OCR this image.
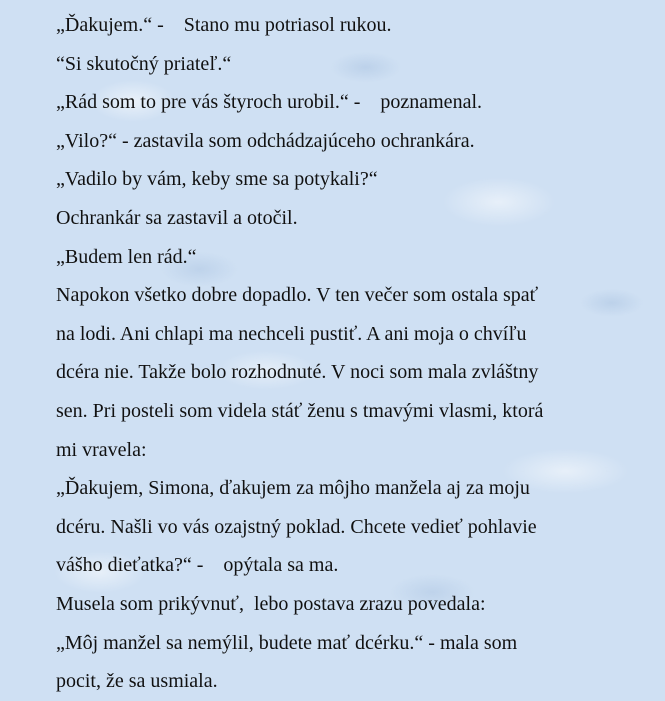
„Ďakujem.“ -    Stano mu potriasol rukou.
“Si skutočný priateľ.“
„Rád som to pre vás štyroch urobil.“ -    poznamenal.
„Vilo?“ - zastavila som odchádzajúceho ochrankára.
„Vadilo by vám, keby sme sa potykali?“
Ochrankár sa zastavil a otočil.
„Budem len rád.“
Napokon všetko dobre dopadlo. V ten večer som ostala spať
na lodi. Ani chlapi ma nechceli pustiť. A ani moja o chvíľu
dcéra nie. Takže bolo rozhodnuté. V noci som mala zvláštny
sen. Pri posteli som videla stáť ženu s tmavými vlasmi, ktorá
mi vravela:
„Ďakujem, Simona, ďakujem za môjho manžela aj za moju
dcéru. Našli vo vás ozajstný poklad. Chcete vedieť pohlavie
vášho dieťatka?“ -    opýtala sa ma.
Musela som prikývnuť,  lebo postava zrazu povedala:
„Môj manžel sa nemýlil, budete mať dcérku.“ - mala som
pocit, že sa usmiala.
